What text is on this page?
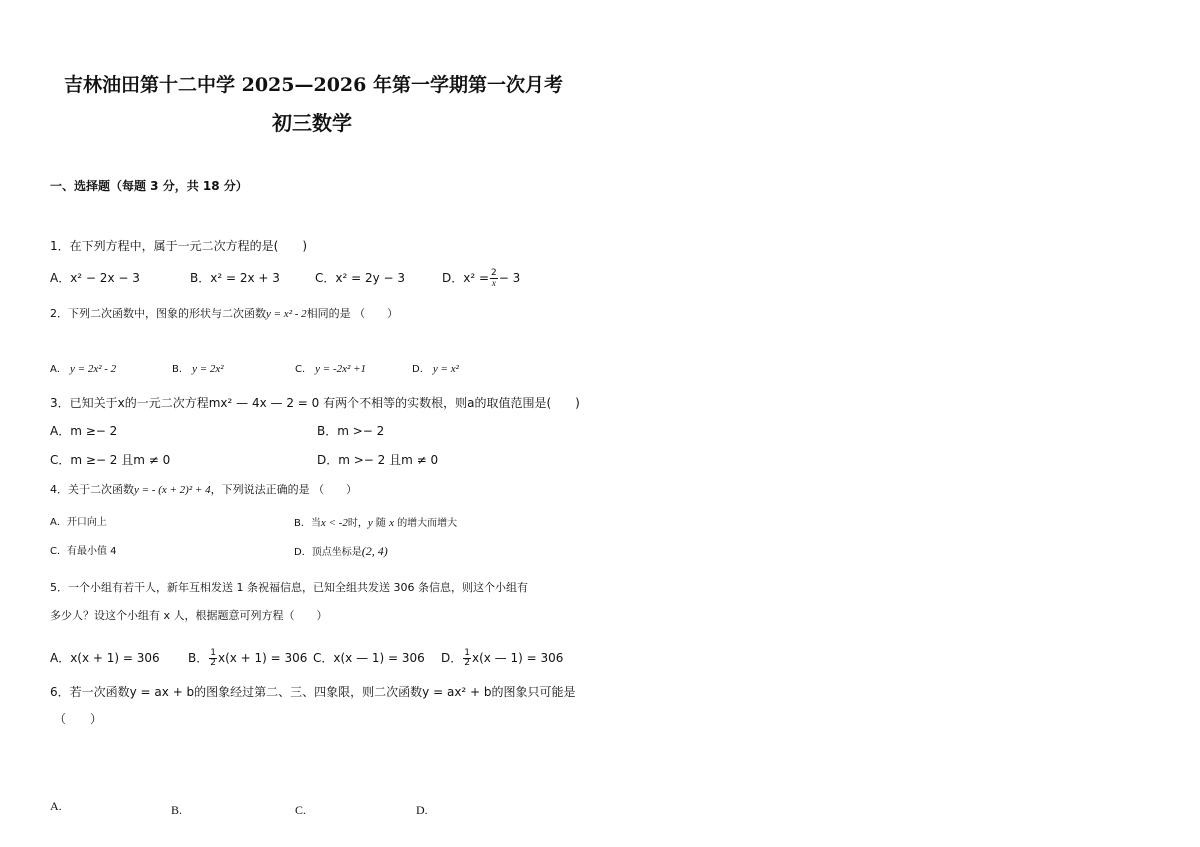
吉林油田第十二中学 2025—2026 年第一学期第一次月考
初三数学
一、选择题（每题 3 分，共 18 分）
1．在下列方程中，属于一元二次方程的是(　　)
A．x² − 2x − 3	B．x² = 2x + 3	C．x² = 2y − 3	D．$x^2 = \frac{2}{x} - 3$
2．下列二次函数中，图象的形状与二次函数y = x² - 2相同的是 （　　）
A． y = 2x² - 2	B． y = 2x²	C． y = -2x² +1	D． y = x²
3．已知关于x的一元二次方程mx² — 4x — 2 = 0 有两个不相等的实数根，则a的取值范围是(　　)
A．m ≥− 2	B．m >− 2
C．m ≥− 2 且m ≠ 0	D．m >− 2 且m ≠ 0
4．关于二次函数y = - (x + 2)² + 4，下列说法正确的是 （　　）
A．开口向上	B．当x < -2时，y 随 x 的增大而增大
C．有最小值 4	D．顶点坐标是(2, 4)
5．一个小组有若干人，新年互相发送 1 条祝福信息，已知全组共发送 306 条信息，则这个小组有
多少人？设这个小组有 x 人，根据题意可列方程（　　）
A．x(x + 1) = 306 B． $\frac{1}{2} x(x + 1) = 306$ C．x(x — 1) = 306 D． $\frac{1}{2} x(x$ — 1) = 306
6．若一次函数y = ax + b的图象经过第二、三、四象限，则二次函数y = ax² + b的图象只可能是
（　　）
A.	B.	C.	D.
